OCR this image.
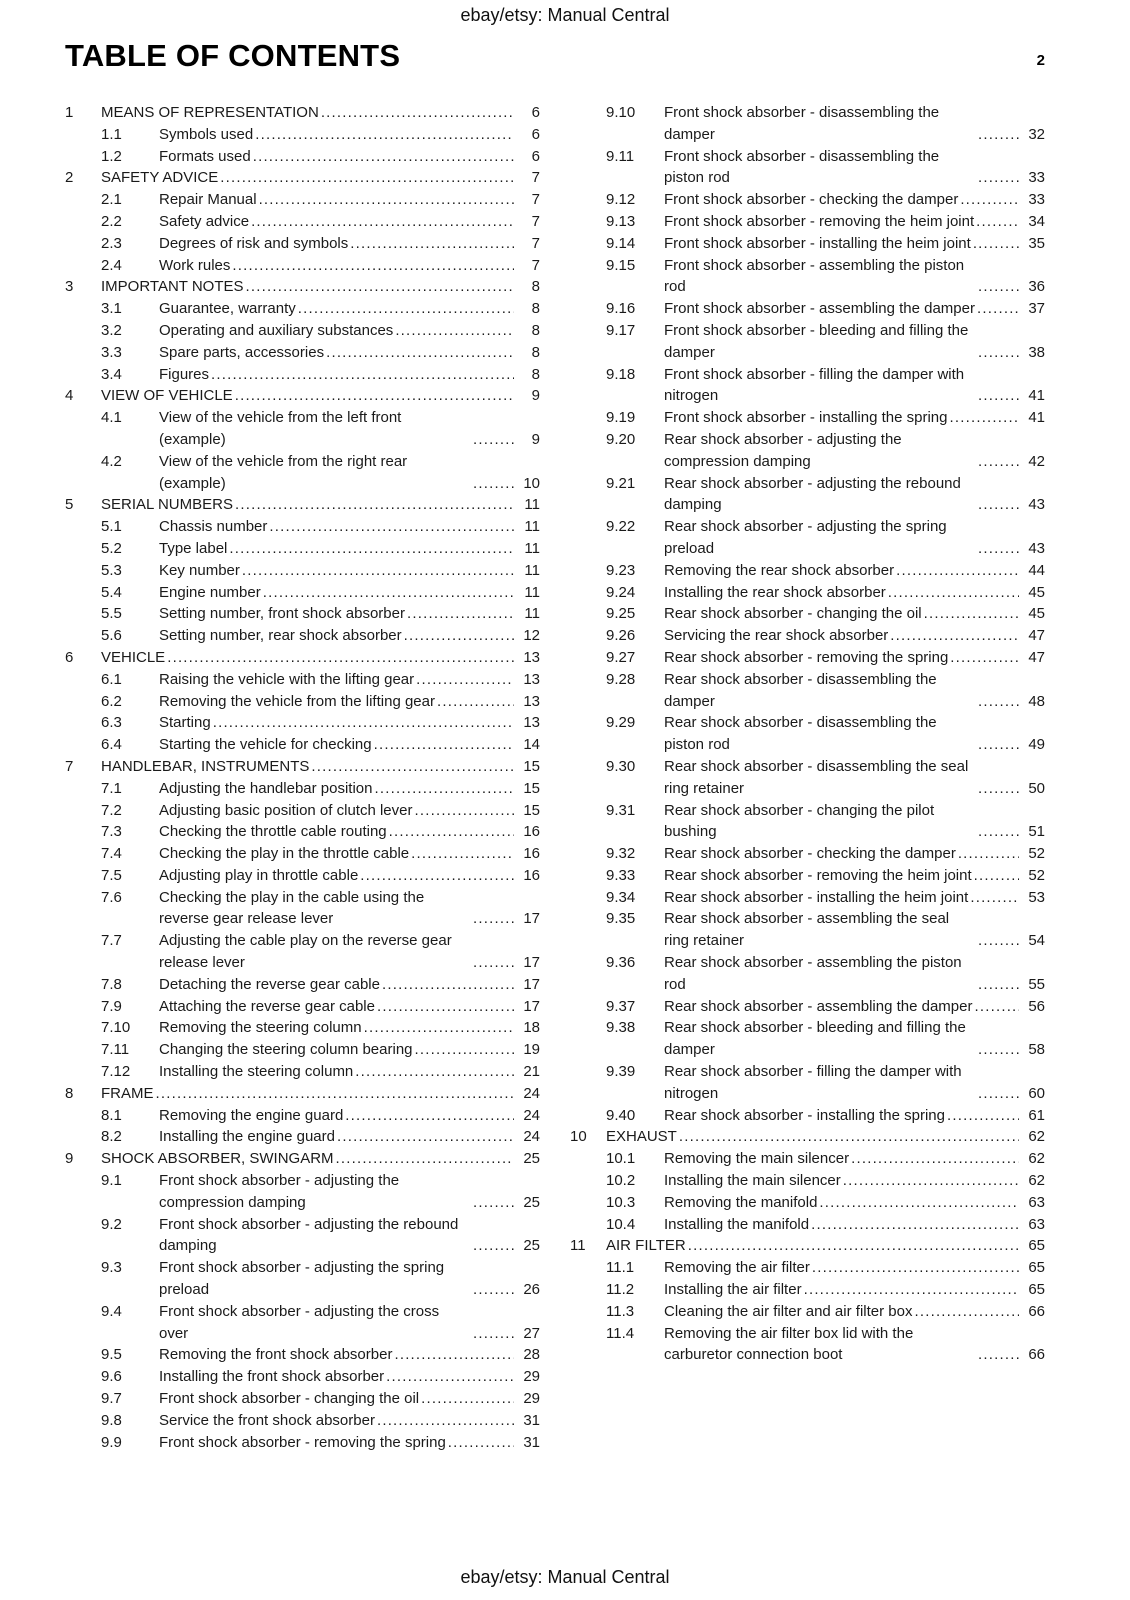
ebay/etsy: Manual Central
TABLE OF CONTENTS	2
1	MEANS OF REPRESENTATION .....	6
1.1	Symbols used .....	6
1.2	Formats used .....	6
2	SAFETY ADVICE .....	7
2.1	Repair Manual .....	7
2.2	Safety advice .....	7
2.3	Degrees of risk and symbols .....	7
2.4	Work rules .....	7
3	IMPORTANT NOTES .....	8
3.1	Guarantee, warranty .....	8
3.2	Operating and auxiliary substances .....	8
3.3	Spare parts, accessories .....	8
3.4	Figures .....	8
4	VIEW OF VEHICLE .....	9
4.1	View of the vehicle from the left front (example) .....	9
4.2	View of the vehicle from the right rear (example) .....	10
5	SERIAL NUMBERS .....	11
5.1	Chassis number .....	11
5.2	Type label .....	11
5.3	Key number .....	11
5.4	Engine number .....	11
5.5	Setting number, front shock absorber .....	11
5.6	Setting number, rear shock absorber .....	12
6	VEHICLE .....	13
6.1	Raising the vehicle with the lifting gear .....	13
6.2	Removing the vehicle from the lifting gear .....	13
6.3	Starting .....	13
6.4	Starting the vehicle for checking .....	14
7	HANDLEBAR, INSTRUMENTS .....	15
7.1	Adjusting the handlebar position .....	15
7.2	Adjusting basic position of clutch lever .....	15
7.3	Checking the throttle cable routing .....	16
7.4	Checking the play in the throttle cable .....	16
7.5	Adjusting play in throttle cable .....	16
7.6	Checking the play in the cable using the reverse gear release lever .....	17
7.7	Adjusting the cable play on the reverse gear release lever .....	17
7.8	Detaching the reverse gear cable .....	17
7.9	Attaching the reverse gear cable .....	17
7.10	Removing the steering column .....	18
7.11	Changing the steering column bearing .....	19
7.12	Installing the steering column .....	21
8	FRAME .....	24
8.1	Removing the engine guard .....	24
8.2	Installing the engine guard .....	24
9	SHOCK ABSORBER, SWINGARM .....	25
9.1	Front shock absorber - adjusting the compression damping .....	25
9.2	Front shock absorber - adjusting the rebound damping .....	25
9.3	Front shock absorber - adjusting the spring preload .....	26
9.4	Front shock absorber - adjusting the cross over .....	27
9.5	Removing the front shock absorber .....	28
9.6	Installing the front shock absorber .....	29
9.7	Front shock absorber - changing the oil .....	29
9.8	Service the front shock absorber .....	31
9.9	Front shock absorber - removing the spring .....	31
9.10	Front shock absorber - disassembling the damper .....	32
9.11	Front shock absorber - disassembling the piston rod .....	33
9.12	Front shock absorber - checking the damper .....	33
9.13	Front shock absorber - removing the heim joint .....	34
9.14	Front shock absorber - installing the heim joint .....	35
9.15	Front shock absorber - assembling the piston rod .....	36
9.16	Front shock absorber - assembling the damper .....	37
9.17	Front shock absorber - bleeding and filling the damper .....	38
9.18	Front shock absorber - filling the damper with nitrogen .....	41
9.19	Front shock absorber - installing the spring .....	41
9.20	Rear shock absorber - adjusting the compression damping .....	42
9.21	Rear shock absorber - adjusting the rebound damping .....	43
9.22	Rear shock absorber - adjusting the spring preload .....	43
9.23	Removing the rear shock absorber .....	44
9.24	Installing the rear shock absorber .....	45
9.25	Rear shock absorber - changing the oil .....	45
9.26	Servicing the rear shock absorber .....	47
9.27	Rear shock absorber - removing the spring .....	47
9.28	Rear shock absorber - disassembling the damper .....	48
9.29	Rear shock absorber - disassembling the piston rod .....	49
9.30	Rear shock absorber - disassembling the seal ring retainer .....	50
9.31	Rear shock absorber - changing the pilot bushing .....	51
9.32	Rear shock absorber - checking the damper .....	52
9.33	Rear shock absorber - removing the heim joint .....	52
9.34	Rear shock absorber - installing the heim joint .....	53
9.35	Rear shock absorber - assembling the seal ring retainer .....	54
9.36	Rear shock absorber - assembling the piston rod .....	55
9.37	Rear shock absorber - assembling the damper .....	56
9.38	Rear shock absorber - bleeding and filling the damper .....	58
9.39	Rear shock absorber - filling the damper with nitrogen .....	60
9.40	Rear shock absorber - installing the spring .....	61
10	EXHAUST .....	62
10.1	Removing the main silencer .....	62
10.2	Installing the main silencer .....	62
10.3	Removing the manifold .....	63
10.4	Installing the manifold .....	63
11	AIR FILTER .....	65
11.1	Removing the air filter .....	65
11.2	Installing the air filter .....	65
11.3	Cleaning the air filter and air filter box .....	66
11.4	Removing the air filter box lid with the carburetor connection boot .....	66
ebay/etsy: Manual Central
